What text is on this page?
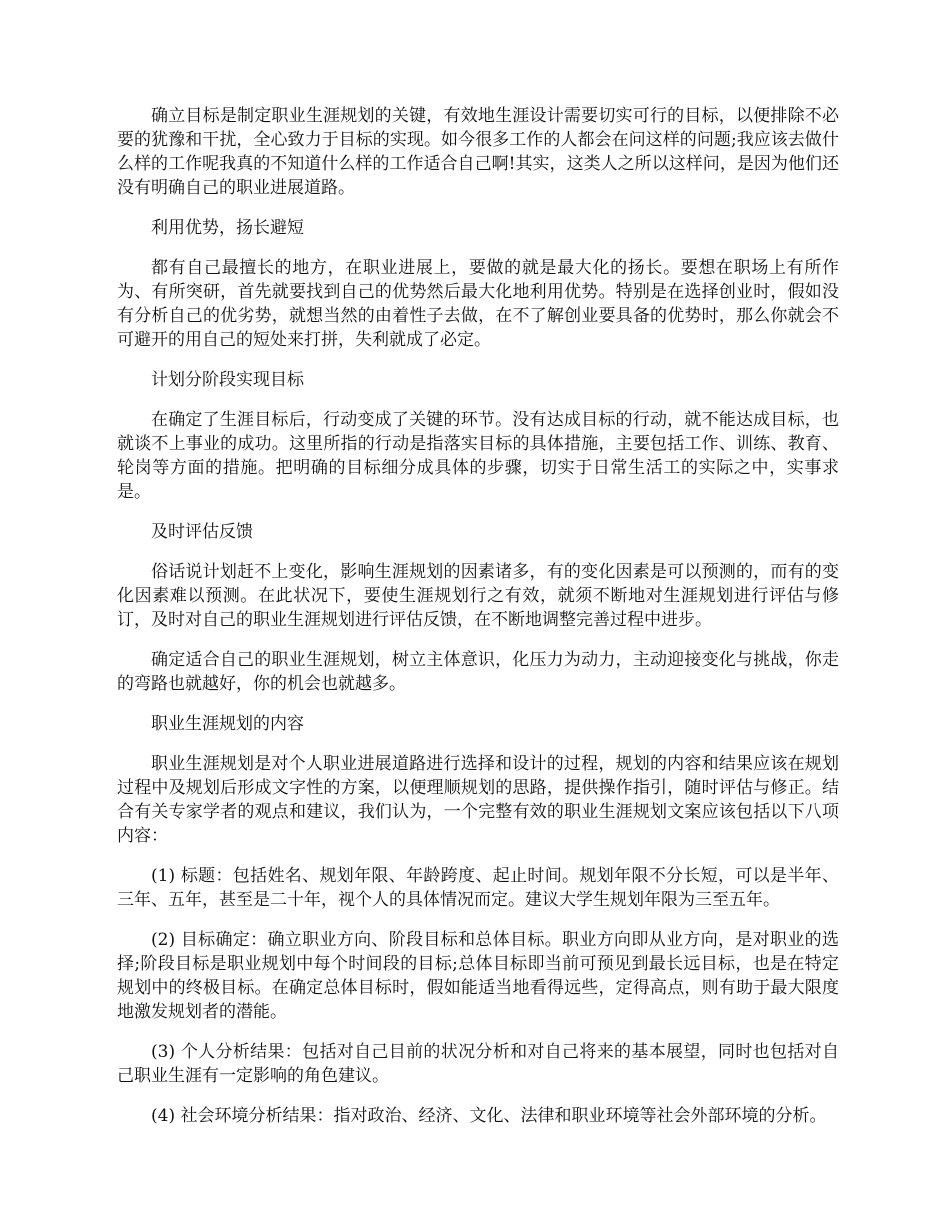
确立目标是制定职业生涯规划的关键，有效地生涯设计需要切实可行的目标，以便排除不必要的犹豫和干扰，全心致力于目标的实现。如今很多工作的人都会在问这样的问题;我应该去做什么样的工作呢我真的不知道什么样的工作适合自己啊!其实，这类人之所以这样问，是因为他们还没有明确自己的职业进展道路。

利用优势，扬长避短

都有自己最擅长的地方，在职业进展上，要做的就是最大化的扬长。要想在职场上有所作为、有所突研，首先就要找到自己的优势然后最大化地利用优势。特别是在选择创业时，假如没有分析自己的优劣势，就想当然的由着性子去做，在不了解创业要具备的优势时，那么你就会不可避开的用自己的短处来打拼，失利就成了必定。

计划分阶段实现目标

在确定了生涯目标后，行动变成了关键的环节。没有达成目标的行动，就不能达成目标，也就谈不上事业的成功。这里所指的行动是指落实目标的具体措施，主要包括工作、训练、教育、轮岗等方面的措施。把明确的目标细分成具体的步骤，切实于日常生活工的实际之中，实事求是。

及时评估反馈

俗话说计划赶不上变化，影响生涯规划的因素诸多，有的变化因素是可以预测的，而有的变化因素难以预测。在此状况下，要使生涯规划行之有效，就须不断地对生涯规划进行评估与修订，及时对自己的职业生涯规划进行评估反馈，在不断地调整完善过程中进步。

确定适合自己的职业生涯规划，树立主体意识，化压力为动力，主动迎接变化与挑战，你走的弯路也就越好，你的机会也就越多。

职业生涯规划的内容

职业生涯规划是对个人职业进展道路进行选择和设计的过程，规划的内容和结果应该在规划过程中及规划后形成文字性的方案，以便理顺规划的思路，提供操作指引，随时评估与修正。结合有关专家学者的观点和建议，我们认为，一个完整有效的职业生涯规划文案应该包括以下八项内容：

(1) 标题：包括姓名、规划年限、年龄跨度、起止时间。规划年限不分长短，可以是半年、三年、五年，甚至是二十年，视个人的具体情况而定。建议大学生规划年限为三至五年。

(2) 目标确定：确立职业方向、阶段目标和总体目标。职业方向即从业方向，是对职业的选择;阶段目标是职业规划中每个时间段的目标;总体目标即当前可预见到最长远目标，也是在特定规划中的终极目标。在确定总体目标时，假如能适当地看得远些，定得高点，则有助于最大限度地激发规划者的潜能。

(3) 个人分析结果：包括对自己目前的状况分析和对自己将来的基本展望，同时也包括对自己职业生涯有一定影响的角色建议。

(4) 社会环境分析结果：指对政治、经济、文化、法律和职业环境等社会外部环境的分析。
